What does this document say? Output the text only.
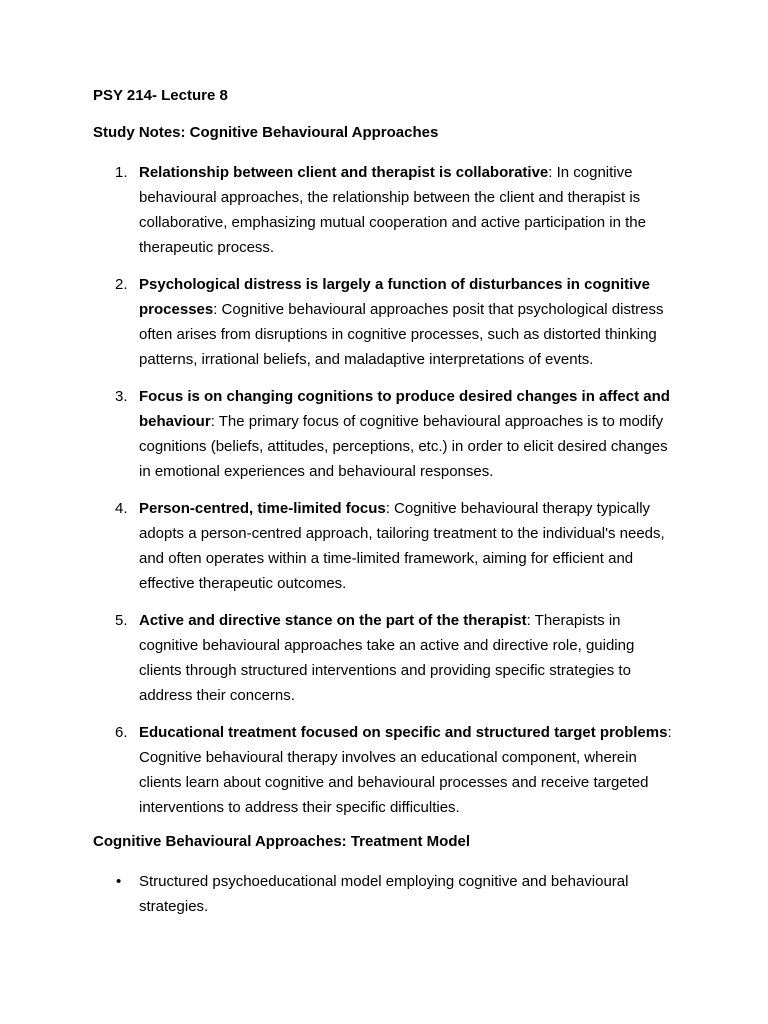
PSY 214- Lecture 8
Study Notes: Cognitive Behavioural Approaches
1. Relationship between client and therapist is collaborative: In cognitive behavioural approaches, the relationship between the client and therapist is collaborative, emphasizing mutual cooperation and active participation in the therapeutic process.
2. Psychological distress is largely a function of disturbances in cognitive processes: Cognitive behavioural approaches posit that psychological distress often arises from disruptions in cognitive processes, such as distorted thinking patterns, irrational beliefs, and maladaptive interpretations of events.
3. Focus is on changing cognitions to produce desired changes in affect and behaviour: The primary focus of cognitive behavioural approaches is to modify cognitions (beliefs, attitudes, perceptions, etc.) in order to elicit desired changes in emotional experiences and behavioural responses.
4. Person-centred, time-limited focus: Cognitive behavioural therapy typically adopts a person-centred approach, tailoring treatment to the individual's needs, and often operates within a time-limited framework, aiming for efficient and effective therapeutic outcomes.
5. Active and directive stance on the part of the therapist: Therapists in cognitive behavioural approaches take an active and directive role, guiding clients through structured interventions and providing specific strategies to address their concerns.
6. Educational treatment focused on specific and structured target problems: Cognitive behavioural therapy involves an educational component, wherein clients learn about cognitive and behavioural processes and receive targeted interventions to address their specific difficulties.
Cognitive Behavioural Approaches: Treatment Model
• Structured psychoeducational model employing cognitive and behavioural strategies.
